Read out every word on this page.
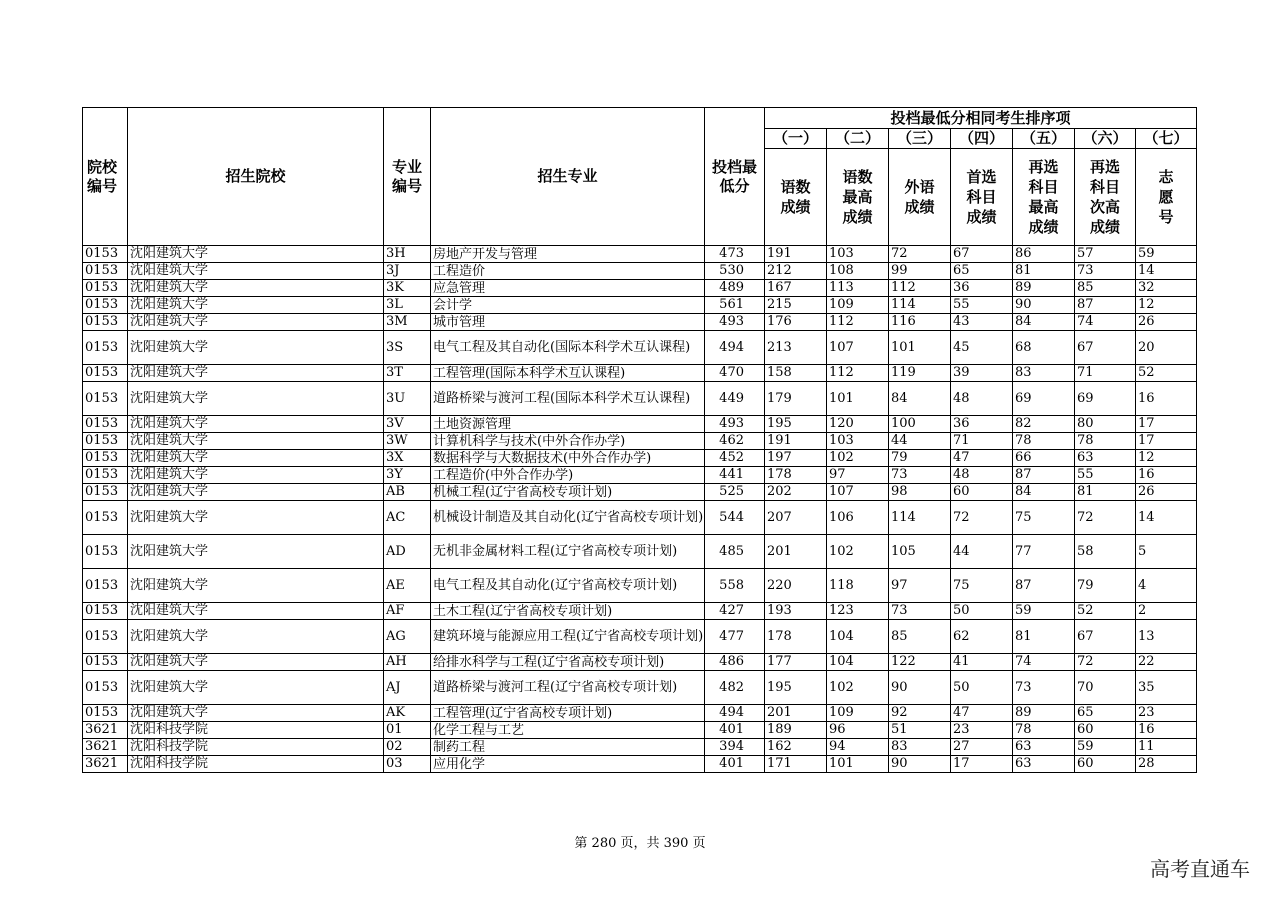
院校编号	招生院校	专业编号	招生专业	投档最低分	投档最低分相同考生排序项						
					（一）	（二）	（三）	（四）	（五）	（六）	（七）
					语数成绩	语数最高成绩	外语成绩	首选科目成绩	再选科目最高成绩	再选科目次高成绩	志愿号
0153	沈阳建筑大学	3H	房地产开发与管理	473	191	103	72	67	86	57	59
0153	沈阳建筑大学	3J	工程造价	530	212	108	99	65	81	73	14
0153	沈阳建筑大学	3K	应急管理	489	167	113	112	36	89	85	32
0153	沈阳建筑大学	3L	会计学	561	215	109	114	55	90	87	12
0153	沈阳建筑大学	3M	城市管理	493	176	112	116	43	84	74	26
0153	沈阳建筑大学	3S	电气工程及其自动化(国际本科学术互认课程)	494	213	107	101	45	68	67	20
0153	沈阳建筑大学	3T	工程管理(国际本科学术互认课程)	470	158	112	119	39	83	71	52
0153	沈阳建筑大学	3U	道路桥梁与渡河工程(国际本科学术互认课程)	449	179	101	84	48	69	69	16
0153	沈阳建筑大学	3V	土地资源管理	493	195	120	100	36	82	80	17
0153	沈阳建筑大学	3W	计算机科学与技术(中外合作办学)	462	191	103	44	71	78	78	17
0153	沈阳建筑大学	3X	数据科学与大数据技术(中外合作办学)	452	197	102	79	47	66	63	12
0153	沈阳建筑大学	3Y	工程造价(中外合作办学)	441	178	97	73	48	87	55	16
0153	沈阳建筑大学	AB	机械工程(辽宁省高校专项计划)	525	202	107	98	60	84	81	26
0153	沈阳建筑大学	AC	机械设计制造及其自动化(辽宁省高校专项计划)	544	207	106	114	72	75	72	14
0153	沈阳建筑大学	AD	无机非金属材料工程(辽宁省高校专项计划)	485	201	102	105	44	77	58	5
0153	沈阳建筑大学	AE	电气工程及其自动化(辽宁省高校专项计划)	558	220	118	97	75	87	79	4
0153	沈阳建筑大学	AF	土木工程(辽宁省高校专项计划)	427	193	123	73	50	59	52	2
0153	沈阳建筑大学	AG	建筑环境与能源应用工程(辽宁省高校专项计划)	477	178	104	85	62	81	67	13
0153	沈阳建筑大学	AH	给排水科学与工程(辽宁省高校专项计划)	486	177	104	122	41	74	72	22
0153	沈阳建筑大学	AJ	道路桥梁与渡河工程(辽宁省高校专项计划)	482	195	102	90	50	73	70	35
0153	沈阳建筑大学	AK	工程管理(辽宁省高校专项计划)	494	201	109	92	47	89	65	23
3621	沈阳科技学院	01	化学工程与工艺	401	189	96	51	23	78	60	16
3621	沈阳科技学院	02	制药工程	394	162	94	83	27	63	59	11
3621	沈阳科技学院	03	应用化学	401	171	101	90	17	63	60	28
第 280 页，共 390 页
高考直通车
